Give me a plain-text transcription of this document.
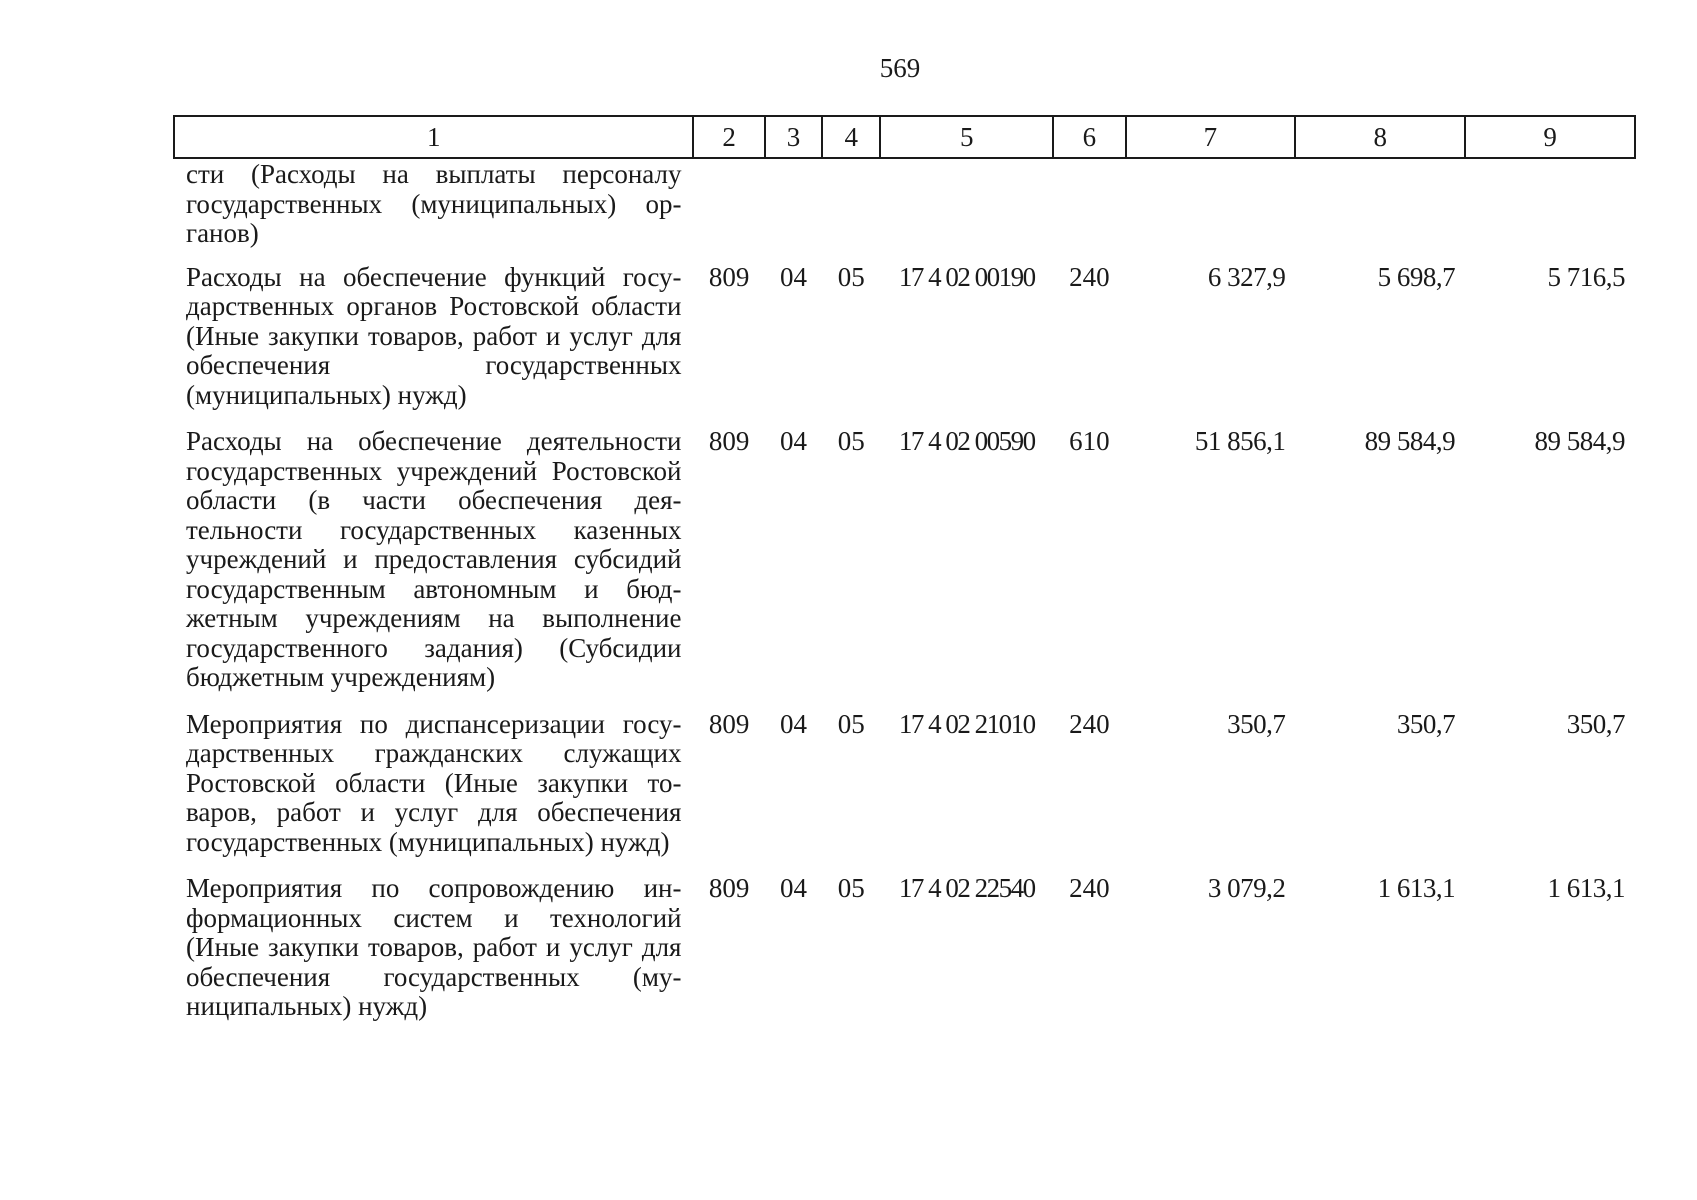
569
1	2	3	4	5	6	7	8	9
сти (Расходы на выплаты персоналу государственных (муниципальных) органов)								
Расходы на обеспечение функций государственных органов Ростовской области (Иные закупки товаров, работ и услуг для обеспечения государственных (муниципальных) нужд)	809	04	05	17 4 02 00190	240	6 327,9	5 698,7	5 716,5
Расходы на обеспечение деятельности государственных учреждений Ростовской области (в части обеспечения деятельности государственных казенных учреждений и предоставления субсидий государственным автономным и бюджетным учреждениям на выполнение государственного задания) (Субсидии бюджетным учреждениям)	809	04	05	17 4 02 00590	610	51 856,1	89 584,9	89 584,9
Мероприятия по диспансеризации государственных гражданских служащих Ростовской области (Иные закупки товаров, работ и услуг для обеспечения государственных (муниципальных) нужд)	809	04	05	17 4 02 21010	240	350,7	350,7	350,7
Мероприятия по сопровождению информационных систем и технологий (Иные закупки товаров, работ и услуг для обеспечения государственных (муниципальных) нужд)	809	04	05	17 4 02 22540	240	3 079,2	1 613,1	1 613,1
